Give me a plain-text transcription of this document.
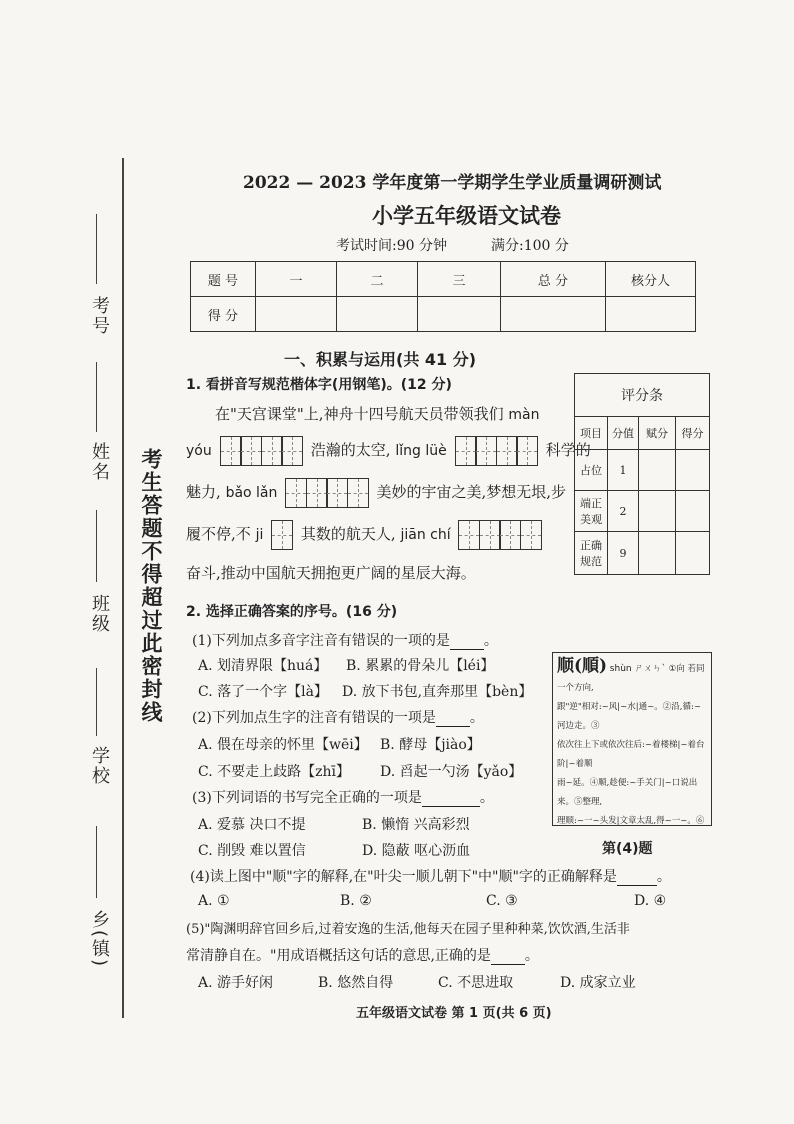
考生答题不得超过此密封线
考号
姓名
班级
学校
乡(镇)
2022 — 2023 学年度第一学期学生学业质量调研测试
小学五年级语文试卷
考试时间:90 分钟	满分:100 分
题 号	一	二	三	总 分	核分人
得 分					
一、积累与运用(共 41 分)
1. 看拼音写规范楷体字(用钢笔)。(12 分)
在"天宫课堂"上,神舟十四号航天员带领我们 màn
yóu	浩瀚的太空, lǐng lüè	科学的
魅力, bǎo lǎn	美妙的宇宙之美,梦想无垠,步
履不停,不 ji	其数的航天人, jiān chí
奋斗,推动中国航天拥抱更广阔的星辰大海。
评分条			
项目	分值	赋分	得分
占位	1		
端正美观	2		
正确规范	9		
2. 选择正确答案的序号。(16 分)
(1)下列加点多音字注音有错误的一项的是 。
A. 划清界限【huá】 B. 累累的骨朵儿【léi】
C. 落了一个字【là】 D. 放下书包,直奔那里【bèn】
(2)下列加点生字的注音有错误的一项是 。
A. 偎在母亲的怀里【wēi】 B. 酵母【jiào】
C. 不要走上歧路【zhī】 D. 舀起一勺汤【yǎo】
(3)下列词语的书写完全正确的一项是	。
A. 爱慕 决口不提	B. 懒惰 兴高彩烈
C. 削毁 难以置信	D. 隐蔽 呕心沥血
顺(順) shùn ㄕㄨㄣˋ ①向 若同一个方向,
跟"逆"相对:~风|~水|通~。②沿,循:~河边走。③
依次往上下或依次往后:~着楼梯|~着台阶|~着顺
雨~延。④顺,趁便:~手关门|~口说出来。⑤整理,
理顺:~一~头发|文章太乱,得~一~。⑥

第(4)题
(4)读上图中"顺"字的解释,在"叶尖一顺儿朝下"中"顺"字的正确解释是	。
A. ①	B. ②	C. ③	D. ④
(5)"陶渊明辞官回乡后,过着安逸的生活,他每天在园子里种种菜,饮饮酒,生活非
常清静自在。"用成语概括这句话的意思,正确的是 。
A. 游手好闲	B. 悠然自得	C. 不思进取	D. 成家立业
五年级语文试卷 第 1 页(共 6 页)
